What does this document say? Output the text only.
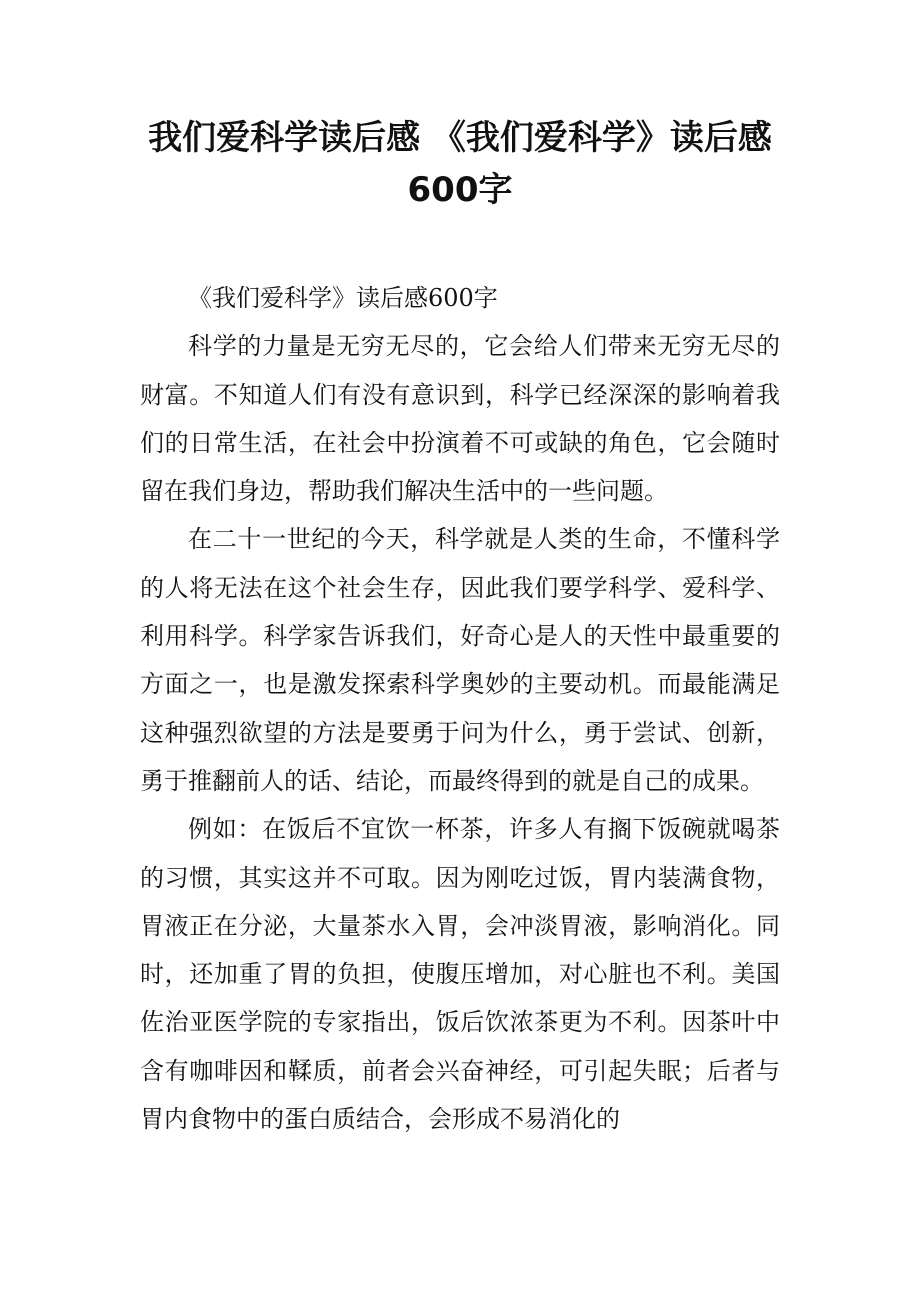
我们爱科学读后感 《我们爱科学》读后感600字

《我们爱科学》读后感600字

科学的力量是无穷无尽的，它会给人们带来无穷无尽的财富。不知道人们有没有意识到，科学已经深深的影响着我们的日常生活，在社会中扮演着不可或缺的角色，它会随时留在我们身边，帮助我们解决生活中的一些问题。

在二十一世纪的今天，科学就是人类的生命，不懂科学的人将无法在这个社会生存，因此我们要学科学、爱科学、利用科学。科学家告诉我们，好奇心是人的天性中最重要的方面之一，也是激发探索科学奥妙的主要动机。而最能满足这种强烈欲望的方法是要勇于问为什么，勇于尝试、创新，勇于推翻前人的话、结论，而最终得到的就是自己的成果。

例如：在饭后不宜饮一杯茶，许多人有搁下饭碗就喝茶的习惯，其实这并不可取。因为刚吃过饭，胃内装满食物，胃液正在分泌，大量茶水入胃，会冲淡胃液，影响消化。同时，还加重了胃的负担，使腹压增加，对心脏也不利。美国佐治亚医学院的专家指出，饭后饮浓茶更为不利。因茶叶中含有咖啡因和鞣质，前者会兴奋神经，可引起失眠；后者与胃内食物中的蛋白质结合，会形成不易消化的
